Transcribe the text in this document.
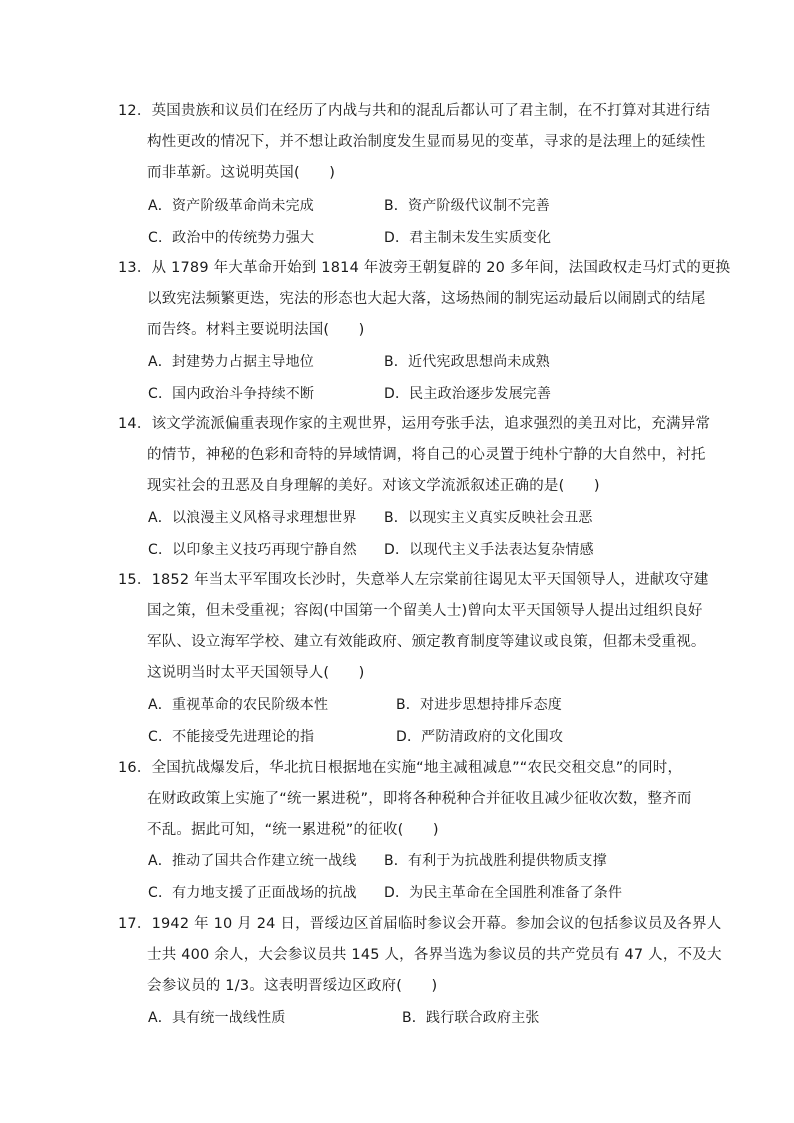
12．英国贵族和议员们在经历了内战与共和的混乱后都认可了君主制，在不打算对其进行结
构性更改的情况下，并不想让政治制度发生显而易见的变革，寻求的是法理上的延续性
而非革新。这说明英国(　　)
A．资产阶级革命尚未完成	B．资产阶级代议制不完善
C．政治中的传统势力强大	D．君主制未发生实质变化
13．从 1789 年大革命开始到 1814 年波旁王朝复辟的 20 多年间，法国政权走马灯式的更换
以致宪法频繁更迭，宪法的形态也大起大落，这场热闹的制宪运动最后以闹剧式的结尾
而告终。材料主要说明法国(　　)
A．封建势力占据主导地位	B．近代宪政思想尚未成熟
C．国内政治斗争持续不断	D．民主政治逐步发展完善
14．该文学流派偏重表现作家的主观世界，运用夸张手法，追求强烈的美丑对比，充满异常
的情节，神秘的色彩和奇特的异域情调，将自己的心灵置于纯朴宁静的大自然中，衬托
现实社会的丑恶及自身理解的美好。对该文学流派叙述正确的是(　　)
A．以浪漫主义风格寻求理想世界 B．以现实主义真实反映社会丑恶
C．以印象主义技巧再现宁静自然 D．以现代主义手法表达复杂情感
15．1852 年当太平军围攻长沙时，失意举人左宗棠前往谒见太平天国领导人，进献攻守建
国之策，但未受重视；容闳(中国第一个留美人士)曾向太平天国领导人提出过组织良好
军队、设立海军学校、建立有效能政府、颁定教育制度等建议或良策，但都未受重视。
这说明当时太平天国领导人(　　)
A．重视革命的农民阶级本性	B．对进步思想持排斥态度
C．不能接受先进理论的指	D．严防清政府的文化围攻
16．全国抗战爆发后，华北抗日根据地在实施“地主减租减息”“农民交租交息”的同时，
在财政政策上实施了“统一累进税”，即将各种税种合并征收且减少征收次数，整齐而
不乱。据此可知，“统一累进税”的征收(　　)
A．推动了国共合作建立统一战线 B．有利于为抗战胜利提供物质支撑
C．有力地支援了正面战场的抗战 D．为民主革命在全国胜利准备了条件
17．1942 年 10 月 24 日，晋绥边区首届临时参议会开幕。参加会议的包括参议员及各界人
士共 400 余人，大会参议员共 145 人，各界当选为参议员的共产党员有 47 人，不及大
会参议员的 1/3。这表明晋绥边区政府(　　)
A．具有统一战线性质	B．践行联合政府主张
